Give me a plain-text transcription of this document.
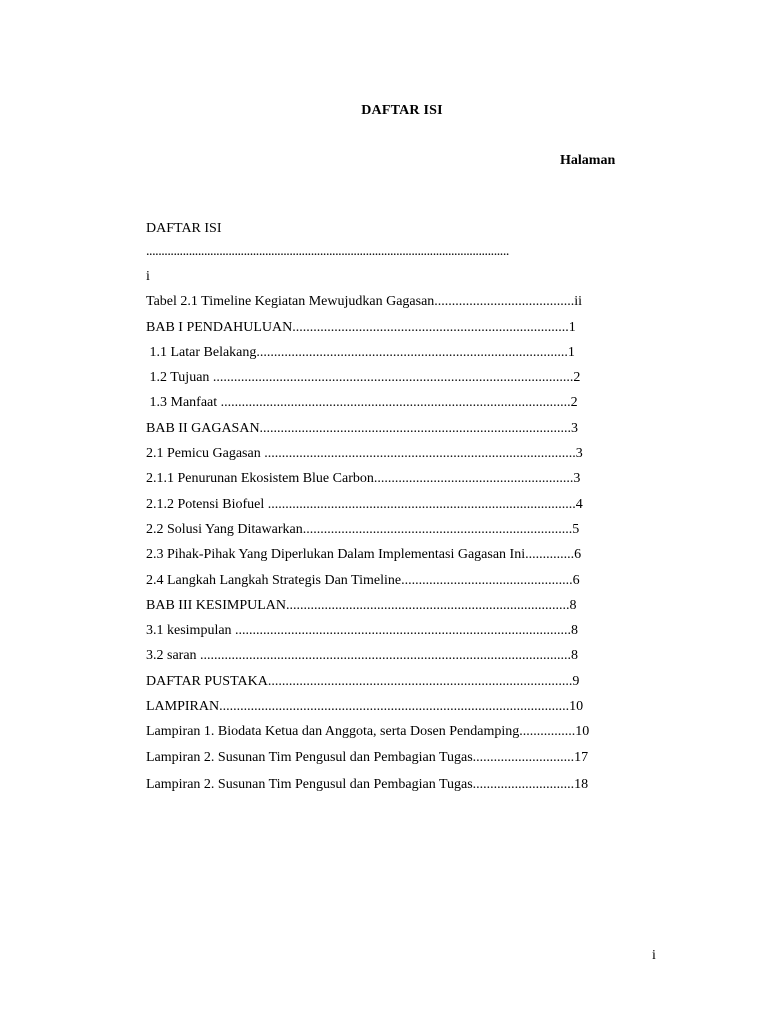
DAFTAR ISI
Halaman
DAFTAR ISI
.......................................................................................................................
i
Tabel 2.1 Timeline Kegiatan Mewujudkan Gagasan........................................ii
BAB I PENDAHULUAN...............................................................................1
1.1 Latar Belakang.........................................................................................1
1.2 Tujuan .......................................................................................................2
1.3 Manfaat ....................................................................................................2
BAB II GAGASAN.........................................................................................3
2.1 Pemicu Gagasan .........................................................................................3
2.1.1 Penurunan Ekosistem Blue Carbon.........................................................3
2.1.2 Potensi Biofuel ........................................................................................4
2.2 Solusi Yang Ditawarkan.............................................................................5
2.3 Pihak-Pihak Yang Diperlukan Dalam Implementasi Gagasan Ini..............6
2.4 Langkah Langkah Strategis Dan Timeline.................................................6
BAB III KESIMPULAN.................................................................................8
3.1 kesimpulan ................................................................................................8
3.2 saran ..........................................................................................................8
DAFTAR PUSTAKA.......................................................................................9
LAMPIRAN....................................................................................................10
Lampiran 1. Biodata Ketua dan Anggota, serta Dosen Pendamping................10
Lampiran 2. Susunan Tim Pengusul dan Pembagian Tugas.............................17
Lampiran 2. Susunan Tim Pengusul dan Pembagian Tugas.............................18
i
